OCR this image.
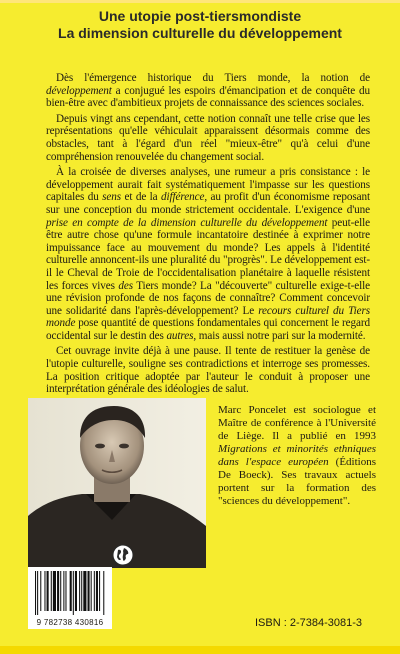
Une utopie post-tiersmondiste
La dimension culturelle du développement

Dès l'émergence historique du Tiers monde, la notion de développement a conjugué les espoirs d'émancipation et de conquête du bien-être avec d'ambitieux projets de connaissance des sciences sociales.

Depuis vingt ans cependant, cette notion connaît une telle crise que les représentations qu'elle véhiculait apparaissent désormais comme des obstacles, tant à l'égard d'un réel "mieux-être" qu'à celui d'une compréhension renouvelée du changement social.

À la croisée de diverses analyses, une rumeur a pris consistance : le développement aurait fait systématiquement l'impasse sur les questions capitales du sens et de la différence, au profit d'un économisme reposant sur une conception du monde strictement occidentale. L'exigence d'une prise en compte de la dimension culturelle du développement peut-elle être autre chose qu'une formule incantatoire destinée à exprimer notre impuissance face au mouvement du monde? Les appels à l'identité culturelle annoncent-ils une pluralité du "progrès". Le développement est-il le Cheval de Troie de l'occidentalisation planétaire à laquelle résistent les forces vives des Tiers monde? La "découverte" culturelle exige-t-elle une révision profonde de nos façons de connaître? Comment concevoir une solidarité dans l'après-développement? Le recours culturel du Tiers monde pose quantité de questions fondamentales qui concernent le regard occidental sur le destin des autres, mais aussi notre pari sur la modernité.

Cet ouvrage invite déjà à une pause. Il tente de restituer la genèse de l'utopie culturelle, souligne ses contradictions et interroge ses promesses. La position critique adoptée par l'auteur le conduit à proposer une interprétation générale des idéologies de salut.

Marc Poncelet est sociologue et Maître de conférence à l'Université de Liège. Il a publié en 1993 Migrations et minorités ethniques dans l'espace européen (Éditions De Boeck). Ses travaux actuels portent sur la formation des "sciences du développement".
9 782738 430816	ISBN : 2-7384-3081-3
